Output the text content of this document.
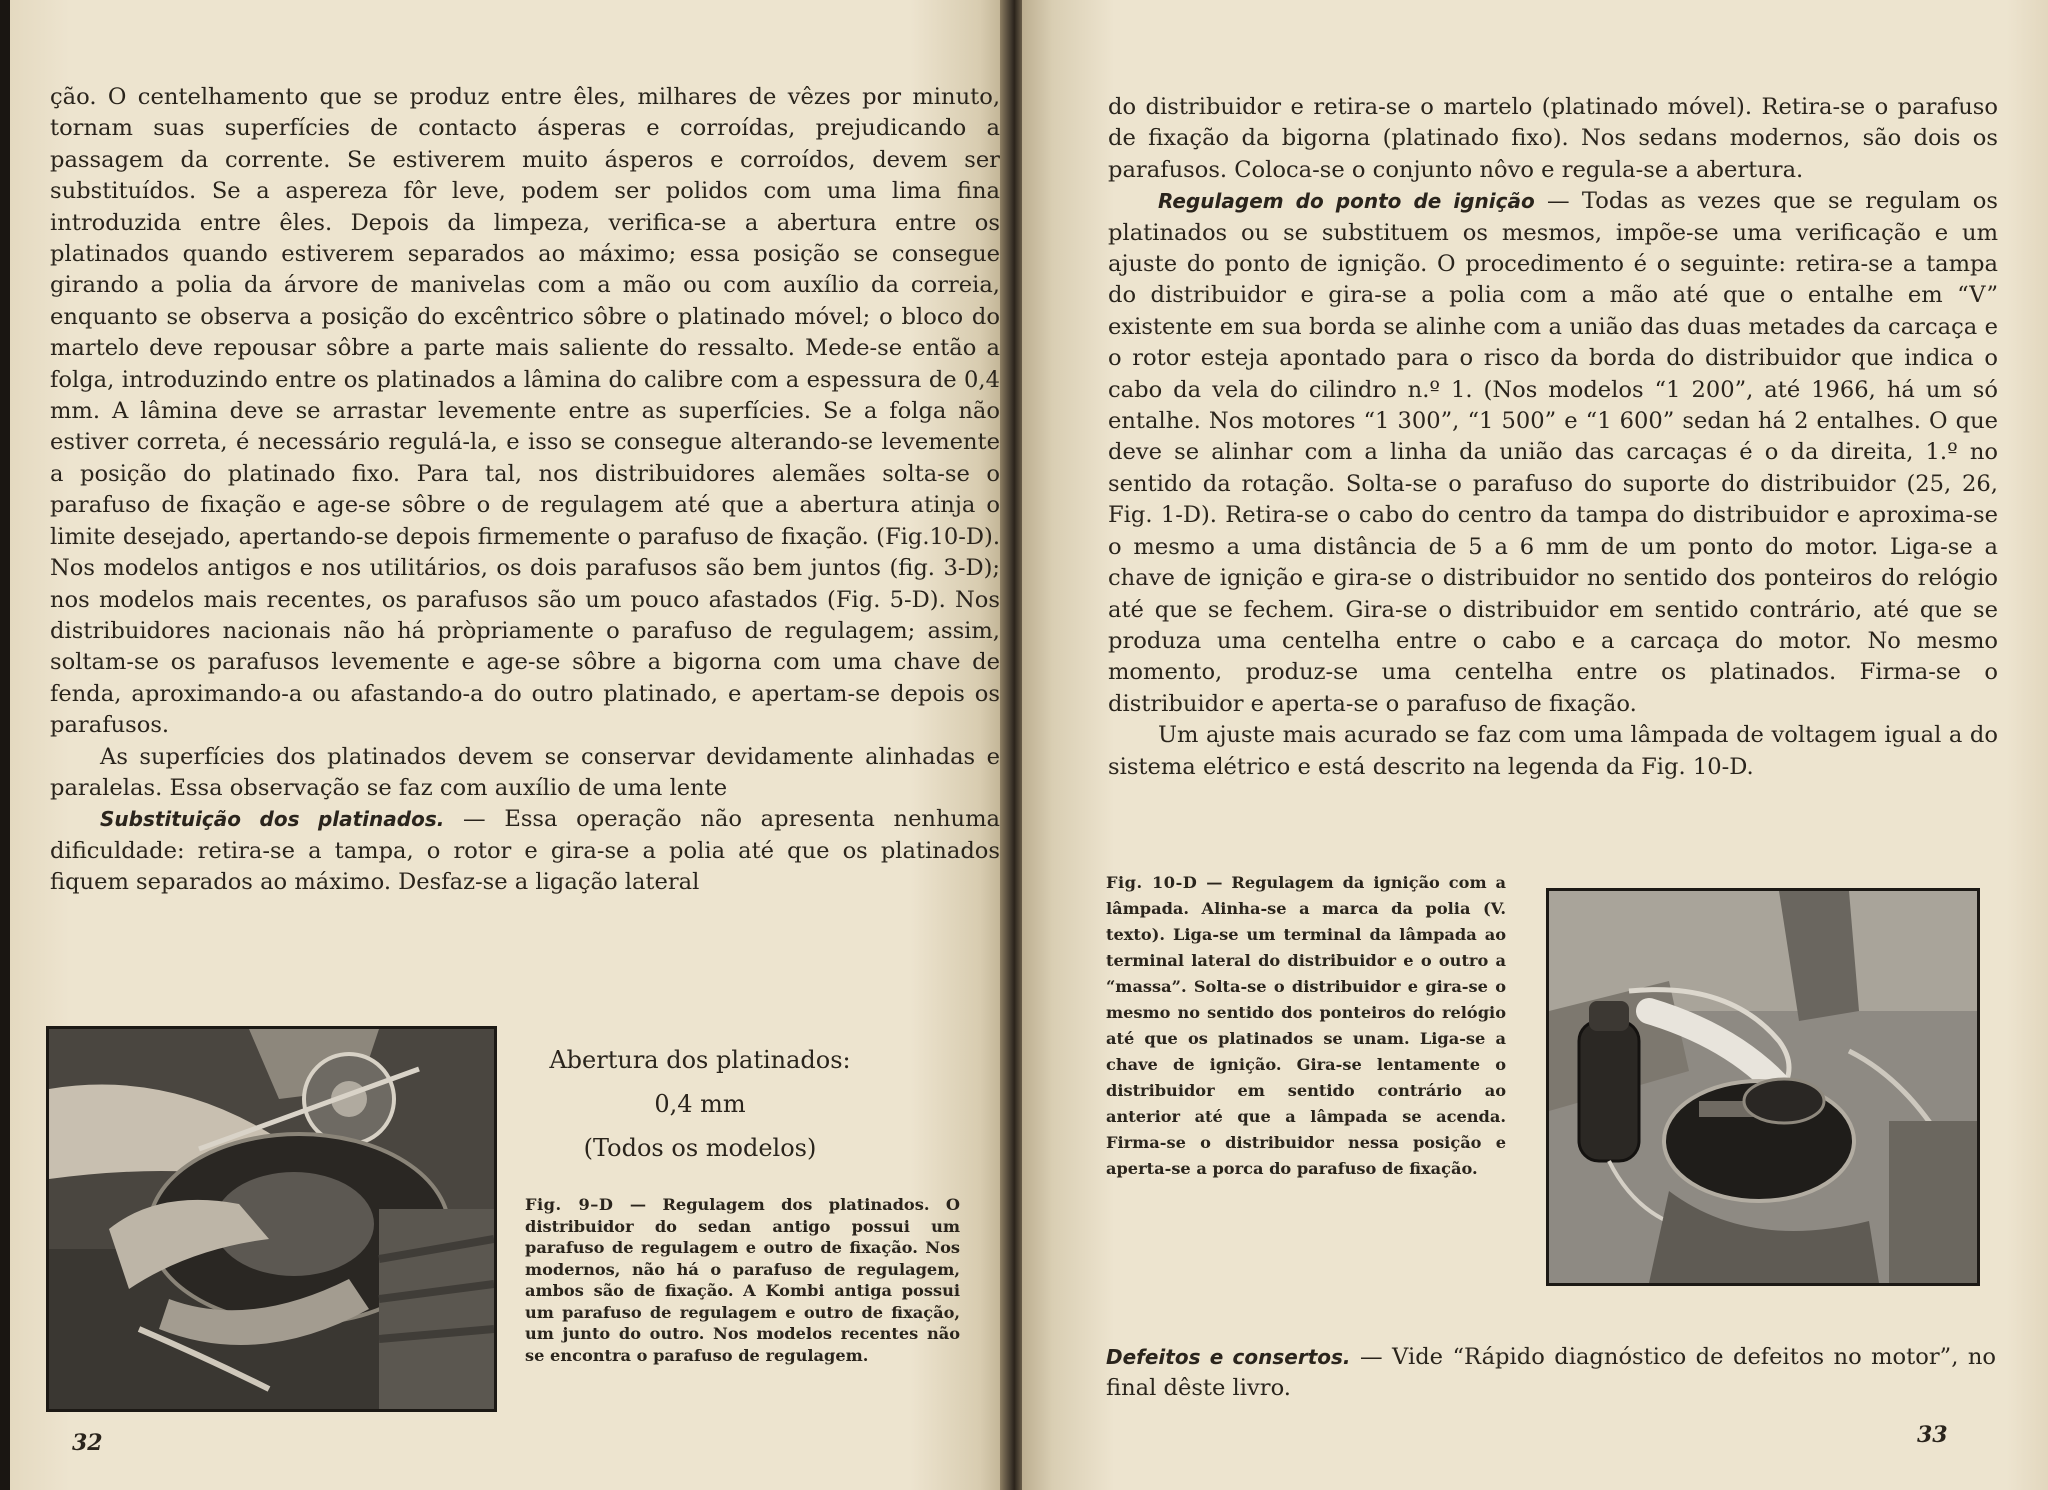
ção. O centelhamento que se produz entre êles, milhares de vêzes por minuto, tornam suas superfícies de contacto ásperas e corroídas, prejudicando a passagem da corrente. Se estiverem muito ásperos e corroídos, devem ser substituídos. Se a aspereza fôr leve, podem ser polidos com uma lima fina introduzida entre êles. Depois da limpeza, verifica-se a abertura entre os platinados quando estiverem separados ao máximo; essa posição se consegue girando a polia da árvore de manivelas com a mão ou com auxílio da correia, enquanto se observa a posição do excêntrico sôbre o platinado móvel; o bloco do martelo deve repousar sôbre a parte mais saliente do ressalto. Mede-se então a folga, introduzindo entre os platinados a lâmina do calibre com a espessura de 0,4 mm. A lâmina deve se arrastar levemente entre as superfícies. Se a folga não estiver correta, é necessário regulá-la, e isso se consegue alterando-se levemente a posição do platinado fixo. Para tal, nos distribuidores alemães solta-se o parafuso de fixação e age-se sôbre o de regulagem até que a abertura atinja o limite desejado, apertando-se depois firmemente o parafuso de fixação. (Fig.10-D). Nos modelos antigos e nos utilitários, os dois parafusos são bem juntos (fig. 3-D); nos modelos mais recentes, os parafusos são um pouco afastados (Fig. 5-D). Nos distribuidores nacionais não há pròpriamente o parafuso de regulagem; assim, soltam-se os parafusos levemente e age-se sôbre a bigorna com uma chave de fenda, aproximando-a ou afastando-a do outro platinado, e apertam-se depois os parafusos.

As superfícies dos platinados devem se conservar devidamente alinhadas e paralelas. Essa observação se faz com auxílio de uma lente

Substituição dos platinados. — Essa operação não apresenta nenhuma dificuldade: retira-se a tampa, o rotor e gira-se a polia até que os platinados fiquem separados ao máximo. Desfaz-se a ligação lateral

Abertura dos platinados:
0,4 mm
(Todos os modelos)
Fig. 9–D — Regulagem dos platinados. O distribuidor do sedan antigo possui um parafuso de regulagem e outro de fixação. Nos modernos, não há o parafuso de regulagem, ambos são de fixação. A Kombi antiga possui um parafuso de regulagem e outro de fixação, um junto do outro. Nos modelos recentes não se encontra o parafuso de regulagem.
32

do distribuidor e retira-se o martelo (platinado móvel). Retira-se o parafuso de fixação da bigorna (platinado fixo). Nos sedans modernos, são dois os parafusos. Coloca-se o conjunto nôvo e regula-se a abertura.

Regulagem do ponto de ignição — Todas as vezes que se regulam os platinados ou se substituem os mesmos, impõe-se uma verificação e um ajuste do ponto de ignição. O procedimento é o seguinte: retira-se a tampa do distribuidor e gira-se a polia com a mão até que o entalhe em “V” existente em sua borda se alinhe com a união das duas metades da carcaça e o rotor esteja apontado para o risco da borda do distribuidor que indica o cabo da vela do cilindro n.º 1. (Nos modelos “1 200”, até 1966, há um só entalhe. Nos motores “1 300”, “1 500” e “1 600” sedan há 2 entalhes. O que deve se alinhar com a linha da união das carcaças é o da direita, 1.º no sentido da rotação. Solta-se o parafuso do suporte do distribuidor (25, 26, Fig. 1-D). Retira-se o cabo do centro da tampa do distribuidor e aproxima-se o mesmo a uma distância de 5 a 6 mm de um ponto do motor. Liga-se a chave de ignição e gira-se o distribuidor no sentido dos ponteiros do relógio até que se fechem. Gira-se o distribuidor em sentido contrário, até que se produza uma centelha entre o cabo e a carcaça do motor. No mesmo momento, produz-se uma centelha entre os platinados. Firma-se o distribuidor e aperta-se o parafuso de fixação.

Um ajuste mais acurado se faz com uma lâmpada de voltagem igual a do sistema elétrico e está descrito na legenda da Fig. 10-D.

Fig. 10-D — Regulagem da ignição com a lâmpada. Alinha-se a marca da polia (V. texto). Liga-se um terminal da lâmpada ao terminal lateral do distribuidor e o outro a “massa”. Solta-se o distribuidor e gira-se o mesmo no sentido dos ponteiros do relógio até que os platinados se unam. Liga-se a chave de ignição. Gira-se lentamente o distribuidor em sentido contrário ao anterior até que a lâmpada se acenda. Firma-se o distribuidor nessa posição e aperta-se a porca do parafuso de fixação.

Defeitos e consertos. — Vide “Rápido diagnóstico de defeitos no motor”, no final dêste livro.

33
